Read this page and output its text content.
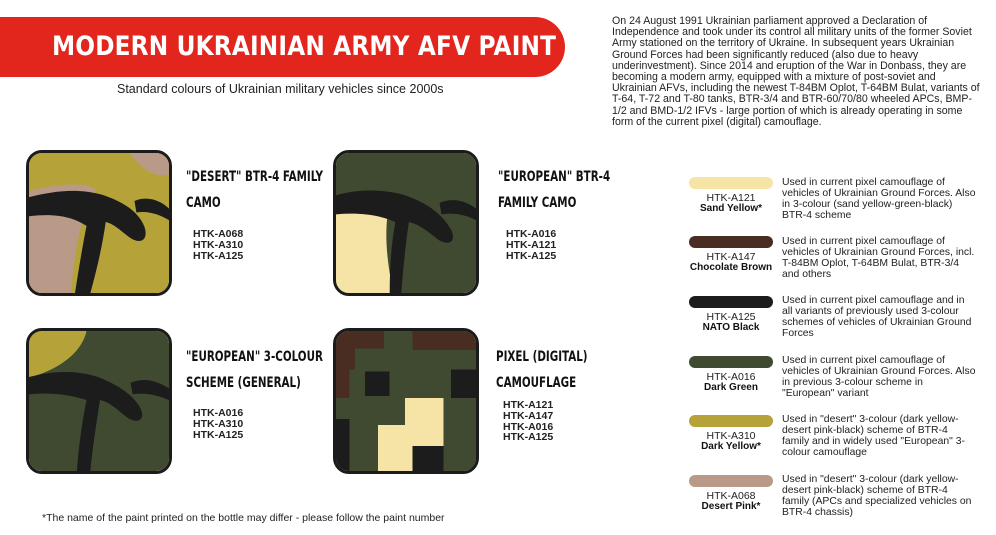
MODERN UKRAINIAN ARMY AFV PAINT SET
Standard colours of Ukrainian military vehicles since 2000s
On 24 August 1991 Ukrainian parliament approved a Declaration of Independence and took under its control all military units of the former Soviet Army stationed on the territory of Ukraine. In subsequent years Ukrainian Ground Forces had been significantly reduced (also due to heavy underinvestment). Since 2014 and eruption of the War in Donbass, they are becoming a modern army, equipped with a mixture of post-soviet and Ukrainian AFVs, including the newest T-84BM Oplot, T-64BM Bulat, variants of T-64, T-72 and T-80 tanks, BTR-3/4 and BTR-60/70/80 wheeled APCs, BMP-1/2 and BMD-1/2 IFVs - large portion of which is already operating in some form of the current pixel (digital) camouflage.
"DESERT" BTR-4 FAMILY
CAMO
HTK-A068
HTK-A310
HTK-A125
"EUROPEAN" BTR-4
FAMILY CAMO
HTK-A016
HTK-A121
HTK-A125
"EUROPEAN" 3-COLOUR
SCHEME (GENERAL)
HTK-A016
HTK-A310
HTK-A125
PIXEL (DIGITAL)
CAMOUFLAGE
HTK-A121
HTK-A147
HTK-A016
HTK-A125
HTK-A121
Sand Yellow*
Used in current pixel camouflage of vehicles of Ukrainian Ground Forces. Also in 3-colour (sand yellow-green-black) BTR-4 scheme
HTK-A147
Chocolate Brown
Used in current pixel camouflage of vehicles of Ukrainian Ground Forces, incl. T-84BM Oplot, T-64BM Bulat, BTR-3/4 and others
HTK-A125
NATO Black
Used in current pixel camouflage and in all variants of previously used 3-colour schemes of vehicles of Ukrainian Ground Forces
HTK-A016
Dark Green
Used in current pixel camouflage of vehicles of Ukrainian Ground Forces. Also in previous 3-colour scheme in "European" variant
HTK-A310
Dark Yellow*
Used in "desert" 3-colour (dark yellow-desert pink-black) scheme of BTR-4 family and in widely used "European" 3-colour camouflage
HTK-A068
Desert Pink*
Used in "desert" 3-colour (dark yellow-desert pink-black) scheme of BTR-4 family (APCs and specialized vehicles on BTR-4 chassis)
*The name of the paint printed on the bottle may differ - please follow the paint number
